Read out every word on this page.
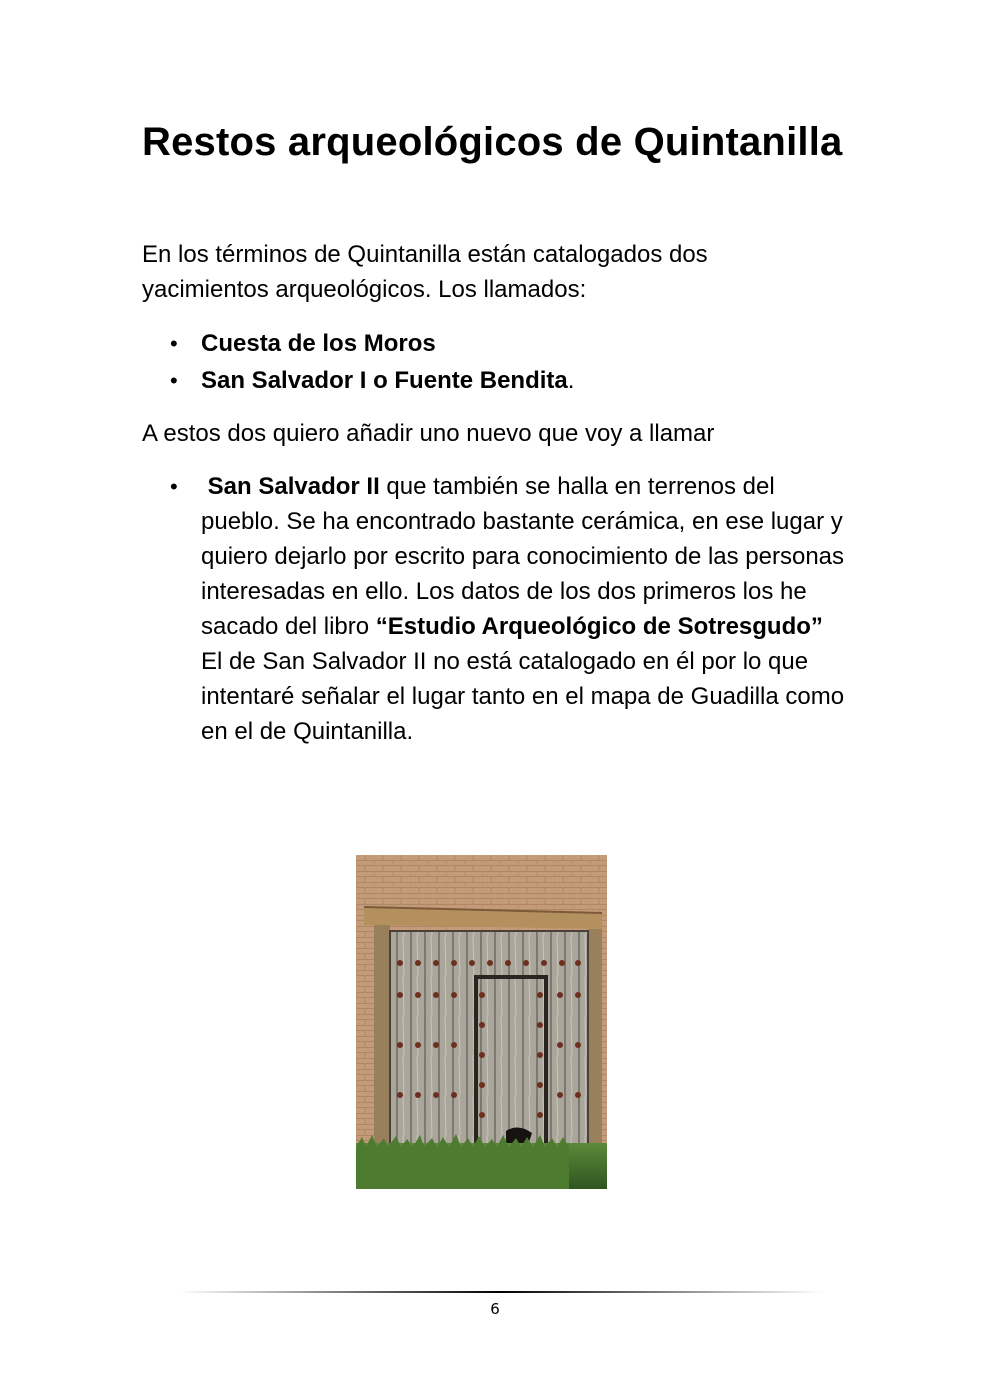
Restos arqueológicos de Quintanilla

En los términos de Quintanilla están catalogados dos

yacimientos arqueológicos. Los llamados:

• Cuesta de los Moros
• San Salvador I o Fuente Bendita.

A estos dos quiero añadir uno nuevo que voy a llamar

• San Salvador II que también se halla en terrenos del pueblo. Se ha encontrado bastante cerámica, en ese lugar y quiero dejarlo por escrito para conocimiento de las personas interesadas en ello. Los datos de los dos primeros los he sacado del libro “Estudio Arqueológico de Sotresgudo” El de San Salvador II no está catalogado en él por lo que intentaré señalar el lugar tanto en el mapa de Guadilla como en el de Quintanilla.
6
